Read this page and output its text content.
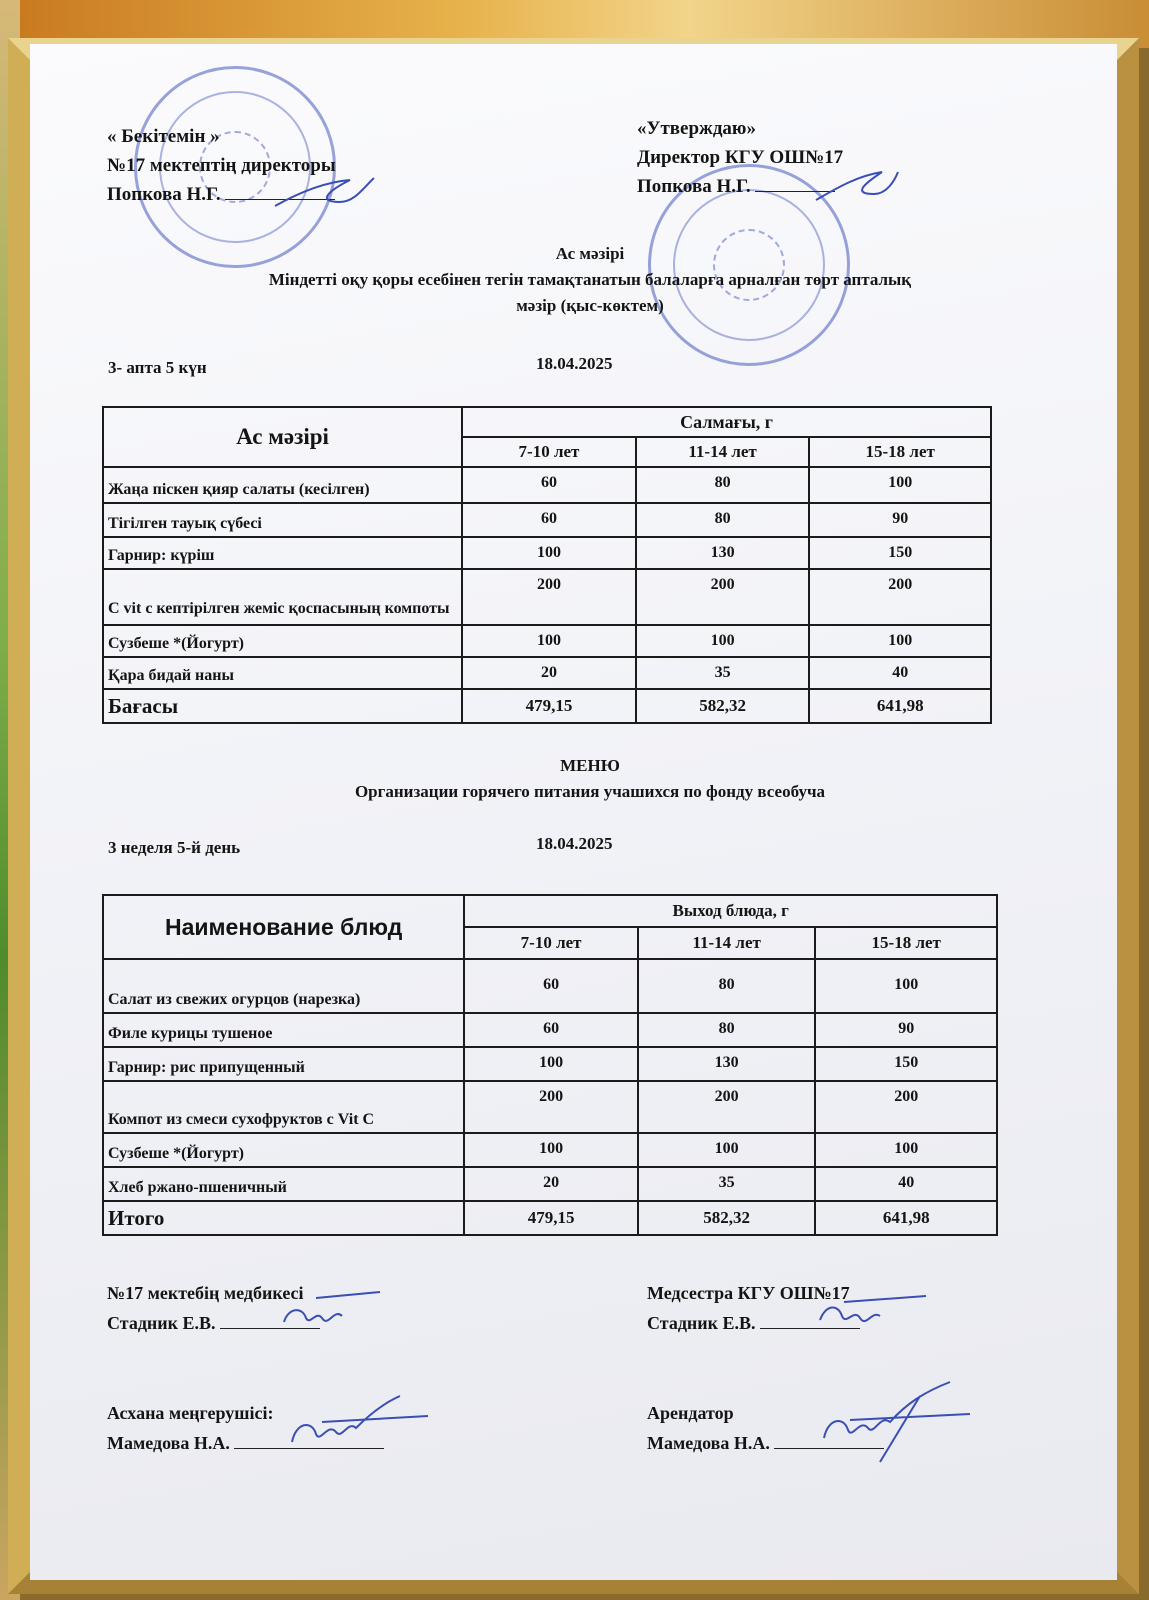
« Бекітемін »
№17 мектептің директоры
Попкова Н.Г.
«Утверждаю»
Директор КГУ ОШ№17
Попкова Н.Г.
Ас мәзірі
Міндетті оқу қоры есебінен тегін тамақтанатын балаларға арналған төрт апталық
мәзір (қыс-көктем)
3- апта 5 күн	18.04.2025
Ас мәзірі	Салмағы, г		
	7-10 лет	11-14 лет	15-18 лет
Жаңа піскен қияр салаты (кесілген)	60	80	100
Тігілген тауық сүбесі	60	80	90
Гарнир: күріш	100	130	150
C vit с кептірілген жеміс қоспасының компоты	200	200	200
Сузбеше *(Йогурт)	100	100	100
Қара бидай наны	20	35	40
Бағасы	479,15	582,32	641,98
МЕНЮ
Организации горячего питания учашихся по фонду всеобуча
3 неделя 5-й день	18.04.2025
Наименование блюд	Выход блюда, г		
	7-10 лет	11-14 лет	15-18 лет
Салат из свежих огурцов (нарезка)	60	80	100
Филе курицы тушеное	60	80	90
Гарнир: рис припущенный	100	130	150
Компот из смеси сухофруктов с Vit C	200	200	200
Сузбеше *(Йогурт)	100	100	100
Хлеб ржано-пшеничный	20	35	40
Итого	479,15	582,32	641,98
№17 мектебің медбикесі
Стадник Е.В.
Медсестра КГУ ОШ№17
Стадник Е.В.
Асхана меңгерушісі:
Мамедова Н.А.
Арендатор
Мамедова Н.А.
